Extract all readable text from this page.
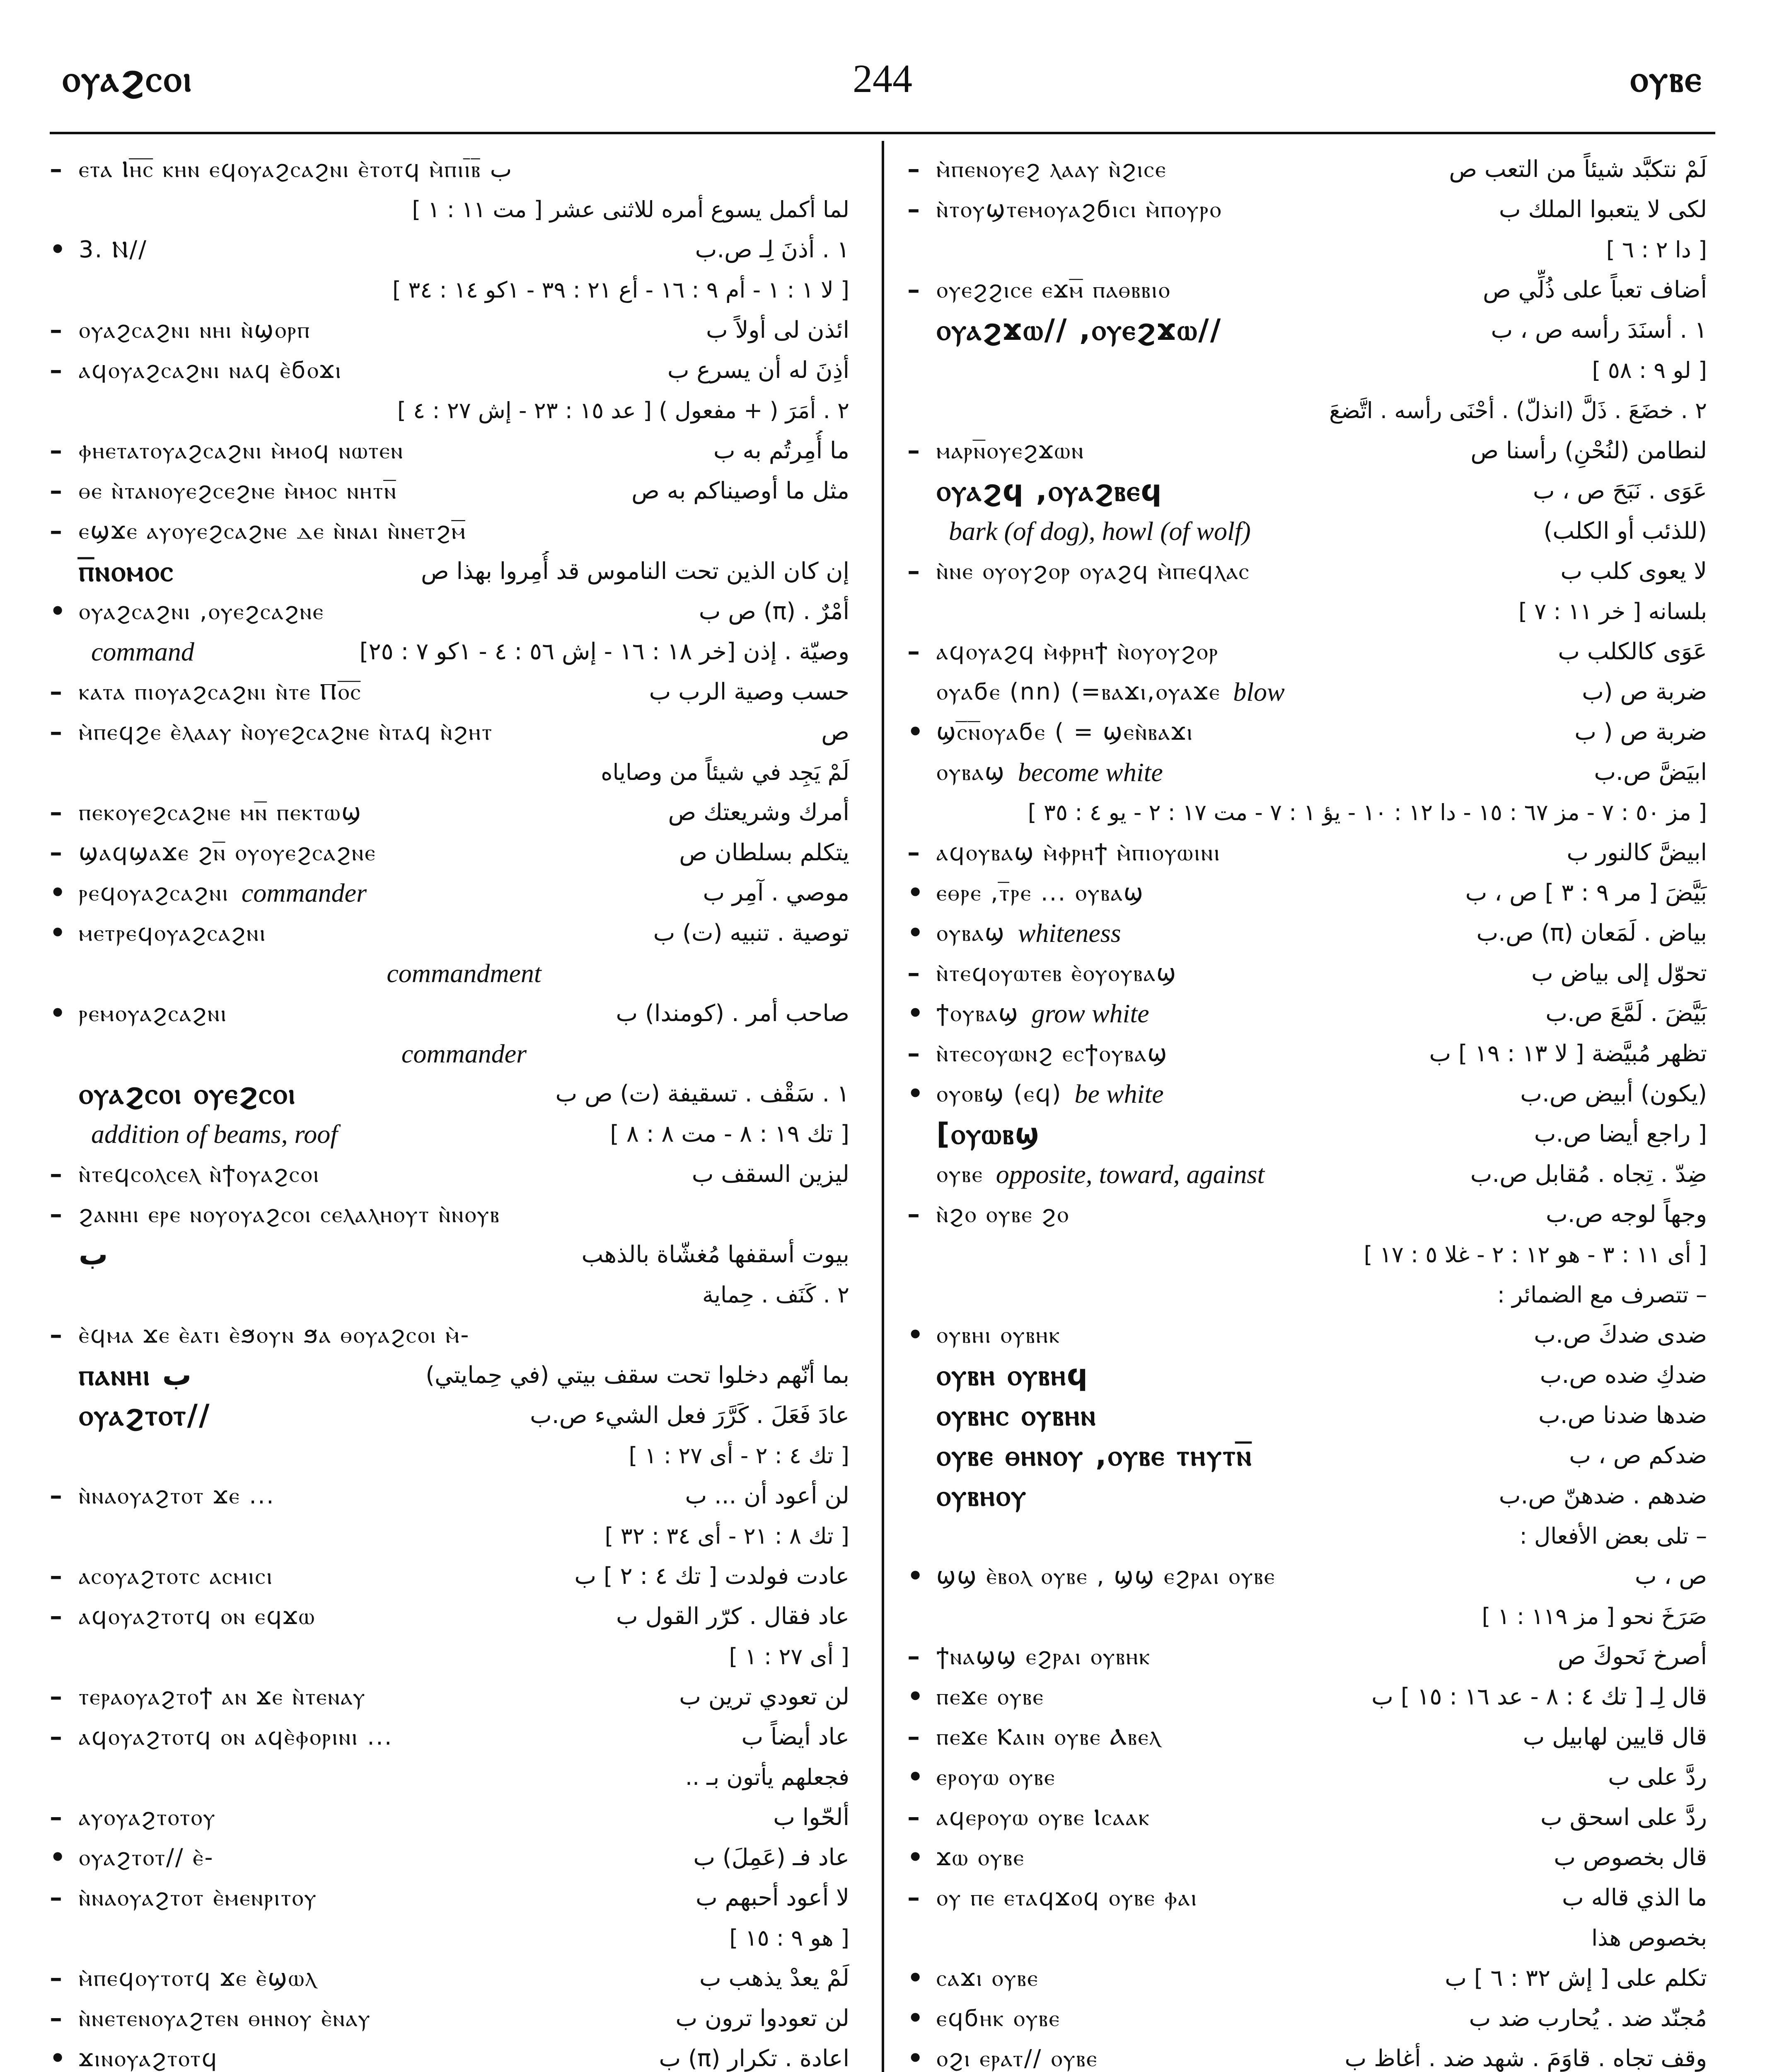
ⲟⲩⲁϩⲥⲟⲓ	244	ⲟⲩⲃⲉ
– ⲉⲧⲁ Ⲓⲏ̅ⲥ̅ ⲕⲏⲛ ⲉϥⲟⲩⲁϩⲥⲁϩⲛⲓ ⲉ̀ⲧⲟⲧϥ ⲙ̀ⲡⲓⲓ̅ⲃ̅ ب
لما أكمل يسوع أمره للاثنى عشر [ مت ١١ : ١ ]
• 3. Ⲛ//	١ . أذنَ لِـ ص.ب
[ لا ١ : ١ - أم ٩ : ١٦ - أع ٢١ : ٣٩ - ١كو ١٤ : ٣٤ ]
– ⲟⲩⲁϩⲥⲁϩⲛⲓ ⲛⲏⲓ ⲛ̀ϣⲟⲣⲡ	ائذن لى أولاً ب
– ⲁϥⲟⲩⲁϩⲥⲁϩⲛⲓ ⲛⲁϥ ⲉ̀ϭⲟϫⲓ	أذِنَ له أن يسرع ب
٢ . أمَرَ ( + مفعول ) [ عد ١٥ : ٢٣ - إش ٢٧ : ٤ ]
– ⲫⲏⲉⲧⲁⲧⲟⲩⲁϩⲥⲁϩⲛⲓ ⲙ̀ⲙⲟϥ ⲛⲱⲧⲉⲛ	ما أُمِرتُم به ب
– ⲑⲉ ⲛ̀ⲧⲁⲛⲟⲩⲉϩⲥⲉϩⲛⲉ ⲙ̀ⲙⲟⲥ ⲛⲏⲧⲛ̅	مثل ما أوصيناكم به ص
– ⲉϣϫⲉ ⲁⲩⲟⲩⲉϩⲥⲁϩⲛⲉ ⲇⲉ ⲛ̀ⲛⲁⲓ ⲛ̀ⲛⲉⲧϩⲙ̅
ⲡ̅ⲛⲟⲙⲟⲥ	إن كان الذين تحت الناموس قد أُمِروا بهذا ص
• ⲟⲩⲁϩⲥⲁϩⲛⲓ ,ⲟⲩⲉϩⲥⲁϩⲛⲉ	أمْرٌ . (π) ص ب
command	وصيّة . إذن [خر ١٨ : ١٦ - إش ٥٦ : ٤ - ١كو ٧ : ٢٥]
– ⲕⲁⲧⲁ ⲡⲓⲟⲩⲁϩⲥⲁϩⲛⲓ ⲛ̀ⲧⲉ Ⲡⲟ̅ⲥ̅	حسب وصية الرب ب
– ⲙ̀ⲡⲉϥϩⲉ ⲉ̀ⲗⲁⲁⲩ ⲛ̀ⲟⲩⲉϩⲥⲁϩⲛⲉ ⲛ̀ⲧⲁϥ ⲛ̀ϩⲏⲧ	ص
لَمْ يَجِد في شيئاً من وصاياه
– ⲡⲉⲕⲟⲩⲉϩⲥⲁϩⲛⲉ ⲙⲛ̅ ⲡⲉⲕⲧⲱϣ	أمرك وشريعتك ص
– ϣⲁϥϣⲁϫⲉ ϩⲛ̅ ⲟⲩⲟⲩⲉϩⲥⲁϩⲛⲉ	يتكلم بسلطان ص
• ⲣⲉϥⲟⲩⲁϩⲥⲁϩⲛⲓ commander	موصي . آمِر ب
• ⲙⲉⲧⲣⲉϥⲟⲩⲁϩⲥⲁϩⲛⲓ	توصية . تنبيه (ت) ب
commandment
• ⲣⲉⲙⲟⲩⲁϩⲥⲁϩⲛⲓ	صاحب أمر . (كومندا) ب
commander
ⲟⲩⲁϩⲥⲟⲓ ⲟⲩⲉϩⲥⲟⲓ	١ . سَقْف . تسقيفة (ت) ص ب
addition of beams, roof	[ تك ١٩ : ٨ - مت ٨ : ٨ ]
– ⲛ̀ⲧⲉϥⲥⲟⲗⲥⲉⲗ ⲛ̀ϯⲟⲩⲁϩⲥⲟⲓ	ليزين السقف ب
– ϩⲁⲛⲏⲓ ⲉⲣⲉ ⲛⲟⲩⲟⲩⲁϩⲥⲟⲓ ⲥⲉⲗⲁⲗⲏⲟⲩⲧ ⲛ̀ⲛⲟⲩⲃ
ب	بيوت أسقفها مُغشّاة بالذهب
٢ . كَنَف . حِماية
– ⲉ̀ϥⲙⲁ ϫⲉ ⲉ̀ⲁⲧⲓ ⲉ̀ϧⲟⲩⲛ ϧⲁ ⲑⲟⲩⲁϩⲥⲟⲓ ⲙ̀-
ⲡⲁⲛⲏⲓ ب	بما أنّهم دخلوا تحت سقف بيتي (في حِمايتي)
ⲟⲩⲁϩⲧⲟⲧ//	عادَ فَعَلَ . كَرَّرَ فعل الشيء ص.ب
[ تك ٤ : ٢ - أى ٢٧ : ١ ]
– ⲛ̀ⲛⲁⲟⲩⲁϩⲧⲟⲧ ϫⲉ ...	لن أعود أن ... ب
[ تك ٨ : ٢١ - أى ٣٤ : ٣٢ ]
– ⲁⲥⲟⲩⲁϩⲧⲟⲧⲥ ⲁⲥⲙⲓⲥⲓ	عادت فولدت [ تك ٤ : ٢ ] ب
– ⲁϥⲟⲩⲁϩⲧⲟⲧϥ ⲟⲛ ⲉϥϫⲱ	عاد فقال . كرّر القول ب
[ أى ٢٧ : ١ ]
– ⲧⲉⲣⲁⲟⲩⲁϩⲧⲟϯ ⲁⲛ ϫⲉ ⲛ̀ⲧⲉⲛⲁⲩ	لن تعودي ترين ب
– ⲁϥⲟⲩⲁϩⲧⲟⲧϥ ⲟⲛ ⲁϥⲉ̀ⲫⲟⲣⲓⲛⲓ ...	عاد أيضاً ب
فجعلهم يأتون بـ ..
– ⲁⲩⲟⲩⲁϩⲧⲟⲧⲟⲩ	ألحّوا ب
• ⲟⲩⲁϩⲧⲟⲧ// ⲉ̀-	عاد فـ (عَمِلَ) ب
– ⲛ̀ⲛⲁⲟⲩⲁϩⲧⲟⲧ ⲉ̀ⲙⲉⲛⲣⲓⲧⲟⲩ	لا أعود أحبهم ب
[ هو ٩ : ١٥ ]
– ⲙ̀ⲡⲉϥⲟⲩⲧⲟⲧϥ ϫⲉ ⲉ̀ϣⲱⲗ	لَمْ يعدْ يذهب ب
– ⲛ̀ⲛⲉⲧⲉⲛⲟⲩⲁϩⲧⲉⲛ ⲑⲏⲛⲟⲩ ⲉ̀ⲛⲁⲩ	لن تعودوا ترون ب
• ϫⲓⲛⲟⲩⲁϩⲧⲟⲧϥ	اعادة . تكرار (π) ب
– ⲙ̀ⲡⲉⲛⲟⲩⲉϩ ⲗⲁⲁⲩ ⲛ̀ϩⲓⲥⲉ	لَمْ نتكبَّد شيئاً من التعب ص
– ⲛ̀ⲧⲟⲩϣⲧⲉⲙⲟⲩⲁϩϭⲓⲥⲓ ⲙ̀ⲡⲟⲩⲣⲟ	لكى لا يتعبوا الملك ب
[ دا ٢ : ٦ ]
– ⲟⲩⲉϩϩⲓⲥⲉ ⲉϫⲙ̅ ⲡⲁⲑⲃⲃⲓⲟ	أضاف تعباً على ذُلِّي ص
ⲟⲩⲁϩϫⲱ// ,ⲟⲩⲉϩϫⲱ//	١ . أسنَدَ رأسه ص ، ب
[ لو ٩ : ٥٨ ]
٢ . خضَعَ . ذَلَّ (انذلّ) . أحْنَى رأسه . اتَّضعَ
– ⲙⲁⲣⲛ̅ⲟⲩⲉϩϫⲱⲛ	لنطامن (لنُحْنِ) رأسنا ص
ⲟⲩⲁϩϥ ,ⲟⲩⲁϩⲃⲉϥ	عَوَى . نَبَحَ ص ، ب
bark (of dog), howl (of wolf)	(للذئب أو الكلب)
– ⲛ̀ⲛⲉ ⲟⲩⲟⲩϩⲟⲣ ⲟⲩⲁϩϥ ⲙ̀ⲡⲉϥⲗⲁⲥ	لا يعوى كلب ب
بلسانه [ خر ١١ : ٧ ]
– ⲁϥⲟⲩⲁϩϥ ⲙ̀ⲫⲣⲏϯ ⲛ̀ⲟⲩⲟⲩϩⲟⲣ	عَوَى كالكلب ب
ⲟⲩⲁϭⲉ (nn) (=ⲃⲁϫⲓ,ⲟⲩⲁϫⲉ blow	ضربة ص (ب
• ϣⲥ̅ⲛ̅ⲟⲩⲁϭⲉ ( = ϣⲉⲛ̀ⲃⲁϫⲓ	ضربة ص ( ب
ⲟⲩⲃⲁϣ become white	ابيَضَّ ص.ب
[ مز ٥٠ : ٧ - مز ٦٧ : ١٥ - دا ١٢ : ١٠ - يؤ ١ : ٧ - مت ١٧ : ٢ - يو ٤ : ٣٥ ]
– ⲁϥⲟⲩⲃⲁϣ ⲙ̀ⲫⲣⲏϯ ⲙ̀ⲡⲓⲟⲩⲱⲓⲛⲓ	ابيضَّ كالنور ب
• ⲉⲑⲣⲉ ,ⲧ̅ⲣⲉ ... ⲟⲩⲃⲁϣ	بَيَّضَ [ مر ٩ : ٣ ] ص ، ب
• ⲟⲩⲃⲁϣ whiteness	بياض . لَمَعان (π) ص.ب
– ⲛ̀ⲧⲉϥⲟⲩⲱⲧⲉⲃ ⲉ̀ⲟⲩⲟⲩⲃⲁϣ	تحوّل إلى بياض ب
• ϯⲟⲩⲃⲁϣ grow white	بَيَّضَ . لَمَّعَ ص.ب
– ⲛ̀ⲧⲉⲥⲟⲩⲱⲛϩ ⲉⲥϯⲟⲩⲃⲁϣ	تظهر مُبيَّضة [ لا ١٣ : ١٩ ] ب
• ⲟⲩⲟⲃϣ (ⲉϥ) be white	(يكون) أبيض ص.ب
[ⲟⲩⲱⲃϣ	[ راجع أيضا ص.ب
ⲟⲩⲃⲉ opposite, toward, against	ضِدّ . تِجاه . مُقابل ص.ب
– ⲛ̀ϩⲟ ⲟⲩⲃⲉ ϩⲟ	وجهاً لوجه ص.ب
[ أى ١١ : ٣ - هو ١٢ : ٢ - غلا ٥ : ١٧ ]
– تتصرف مع الضمائر :
• ⲟⲩⲃⲏⲓ ⲟⲩⲃⲏⲕ	ضدى ضدكَ ص.ب
ⲟⲩⲃⲏ ⲟⲩⲃⲏϥ	ضدكِ ضده ص.ب
ⲟⲩⲃⲏⲥ ⲟⲩⲃⲏⲛ	ضدها ضدنا ص.ب
ⲟⲩⲃⲉ ⲑⲏⲛⲟⲩ ,ⲟⲩⲃⲉ ⲧⲏⲩⲧⲛ̅	ضدكم ص ، ب
ⲟⲩⲃⲏⲟⲩ	ضدهم . ضدهنّ ص.ب
– تلى بعض الأفعال :
• ϣϣ ⲉ̀ⲃⲟⲗ ⲟⲩⲃⲉ , ϣϣ ⲉϩⲣⲁⲓ ⲟⲩⲃⲉ	ص ، ب
صَرَخَ نحو [ مز ١١٩ : ١ ]
– ϯⲛⲁϣϣ ⲉϩⲣⲁⲓ ⲟⲩⲃⲏⲕ	أصرخ نَحوكَ ص
• ⲡⲉϫⲉ ⲟⲩⲃⲉ	قال لِـ [ تك ٤ : ٨ - عد ١٦ : ١٥ ] ب
– ⲡⲉϫⲉ Ⲕⲁⲓⲛ ⲟⲩⲃⲉ Ⲁⲃⲉⲗ	قال قايين لهابيل ب
• ⲉⲣⲟⲩⲱ ⲟⲩⲃⲉ	ردَّ على ب
– ⲁϥⲉⲣⲟⲩⲱ ⲟⲩⲃⲉ Ⲓⲥⲁⲁⲕ	ردَّ على اسحق ب
• ϫⲱ ⲟⲩⲃⲉ	قال بخصوص ب
– ⲟⲩ ⲡⲉ ⲉⲧⲁϥϫⲟϥ ⲟⲩⲃⲉ ⲫⲁⲓ	ما الذي قاله ب
بخصوص هذا
• ⲥⲁϫⲓ ⲟⲩⲃⲉ	تكلم على [ إش ٣٢ : ٦ ] ب
• ⲉϥϭⲏⲕ ⲟⲩⲃⲉ	مُجنّد ضد . يُحارب ضد ب
• ⲟϩⲓ ⲉⲣⲁⲧ// ⲟⲩⲃⲉ	وقف تجاه . قاوَمَ . شهد ضد . أغاظ ب
